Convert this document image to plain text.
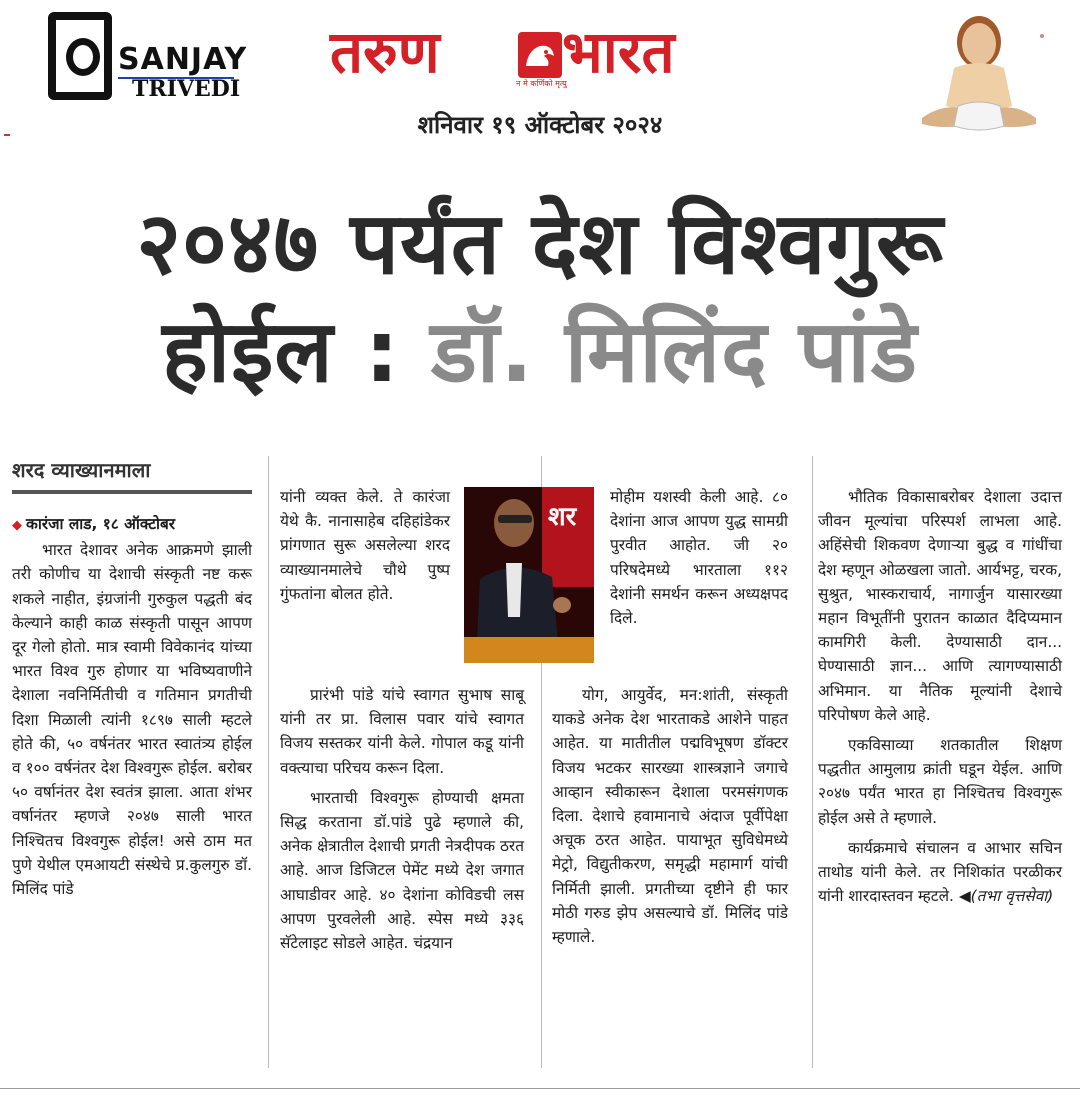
SANJAY
TRIVEDI
तरुण	न मे कर्णिको मृत्यु
भारत
शनिवार १९ ऑक्टोबर २०२४
२०४७ पर्यंत देश विश्वगुरू
होईल : डॉ. मिलिंद पांडे
शरद व्याख्यानमाला

◆ कारंजा लाड, १८ ऑक्टोबर

भारत देशावर अनेक आक्रमणे झाली तरी कोणीच या देशाची संस्कृती नष्ट करू शकले नाहीत, इंग्रजांनी गुरुकुल पद्धती बंद केल्याने काही काळ संस्कृती पासून आपण दूर गेलो होतो. मात्र स्वामी विवेकानंद यांच्या भारत विश्व गुरु होणार या भविष्यवाणीने देशाला नवनिर्मितीची व गतिमान प्रगतीची दिशा मिळाली त्यांनी १८९७ साली म्हटले होते की, ५० वर्षनंतर भारत स्वातंत्र्य होईल व १०० वर्षनंतर देश विश्वगुरू होईल. बरोबर ५० वर्षानंतर देश स्वतंत्र झाला. आता शंभर वर्षानंतर म्हणजे २०४७ साली भारत निश्चितच विश्वगुरू होईल! असे ठाम मत पुणे येथील एमआयटी संस्थेचे प्र.कुलगुरु डॉ. मिलिंद पांडे

यांनी व्यक्त केले. ते कारंजा येथे कै. नानासाहेब दहिहांडेकर प्रांगणात सुरू असलेल्या शरद व्याख्यानमालेचे चौथे पुष्प गुंफतांना बोलत होते.

प्रारंभी पांडे यांचे स्वागत सुभाष साबू यांनी तर प्रा. विलास पवार यांचे स्वागत विजय सस्तकर यांनी केले. गोपाल कडू यांनी वक्त्याचा परिचय करून दिला.

भारताची विश्वगुरू होण्याची क्षमता सिद्ध करताना डॉ.पांडे पुढे म्हणाले की, अनेक क्षेत्रातील देशाची प्रगती नेत्रदीपक ठरत आहे. आज डिजिटल पेमेंट मध्ये देश जगात आघाडीवर आहे. ४० देशांना कोविडची लस आपण पुरवलेली आहे. स्पेस मध्ये ३३६ सॅटेलाइट सोडले आहेत. चंद्रयान

शर

मोहीम यशस्वी केली आहे. ८० देशांना आज आपण युद्ध सामग्री पुरवीत आहोत. जी २० परिषदेमध्ये भारताला ११२ देशांनी समर्थन करून अध्यक्षपद दिले.

योग, आयुर्वेद, मन:शांती, संस्कृती याकडे अनेक देश भारताकडे आशेने पाहत आहेत. या मातीतील पद्मविभूषण डॉक्टर विजय भटकर सारख्या शास्त्रज्ञाने जगाचे आव्हान स्वीकारून देशाला परमसंगणक दिला. देशाचे हवामानाचे अंदाज पूर्वीपेक्षा अचूक ठरत आहेत. पायाभूत सुविधेमध्ये मेट्रो, विद्युतीकरण, समृद्धी महामार्ग यांची निर्मिती झाली. प्रगतीच्या दृष्टीने ही फार मोठी गरुड झेप असल्याचे डॉ. मिलिंद पांडे म्हणाले.

भौतिक विकासाबरोबर देशाला उदात्त जीवन मूल्यांचा परिस्पर्श लाभला आहे. अहिंसेची शिकवण देणाऱ्या बुद्ध व गांधींचा देश म्हणून ओळखला जातो. आर्यभट्ट, चरक, सुश्रुत, भास्कराचार्य, नागार्जुन यासारख्या महान विभूतींनी पुरातन काळात दैदिप्यमान कामगिरी केली. देण्यासाठी दान... घेण्यासाठी ज्ञान... आणि त्यागण्यासाठी अभिमान. या नैतिक मूल्यांनी देशाचे परिपोषण केले आहे.

एकविसाव्या शतकातील शिक्षण पद्धतीत आमुलाग्र क्रांती घडून येईल. आणि २०४७ पर्यंत भारत हा निश्चितच विश्वगुरू होईल असे ते म्हणाले.

कार्यक्रमाचे संचालन व आभार सचिन ताथोड यांनी केले. तर निशिकांत परळीकर यांनी शारदास्तवन म्हटले. ◀(तभा वृत्तसेवा)
